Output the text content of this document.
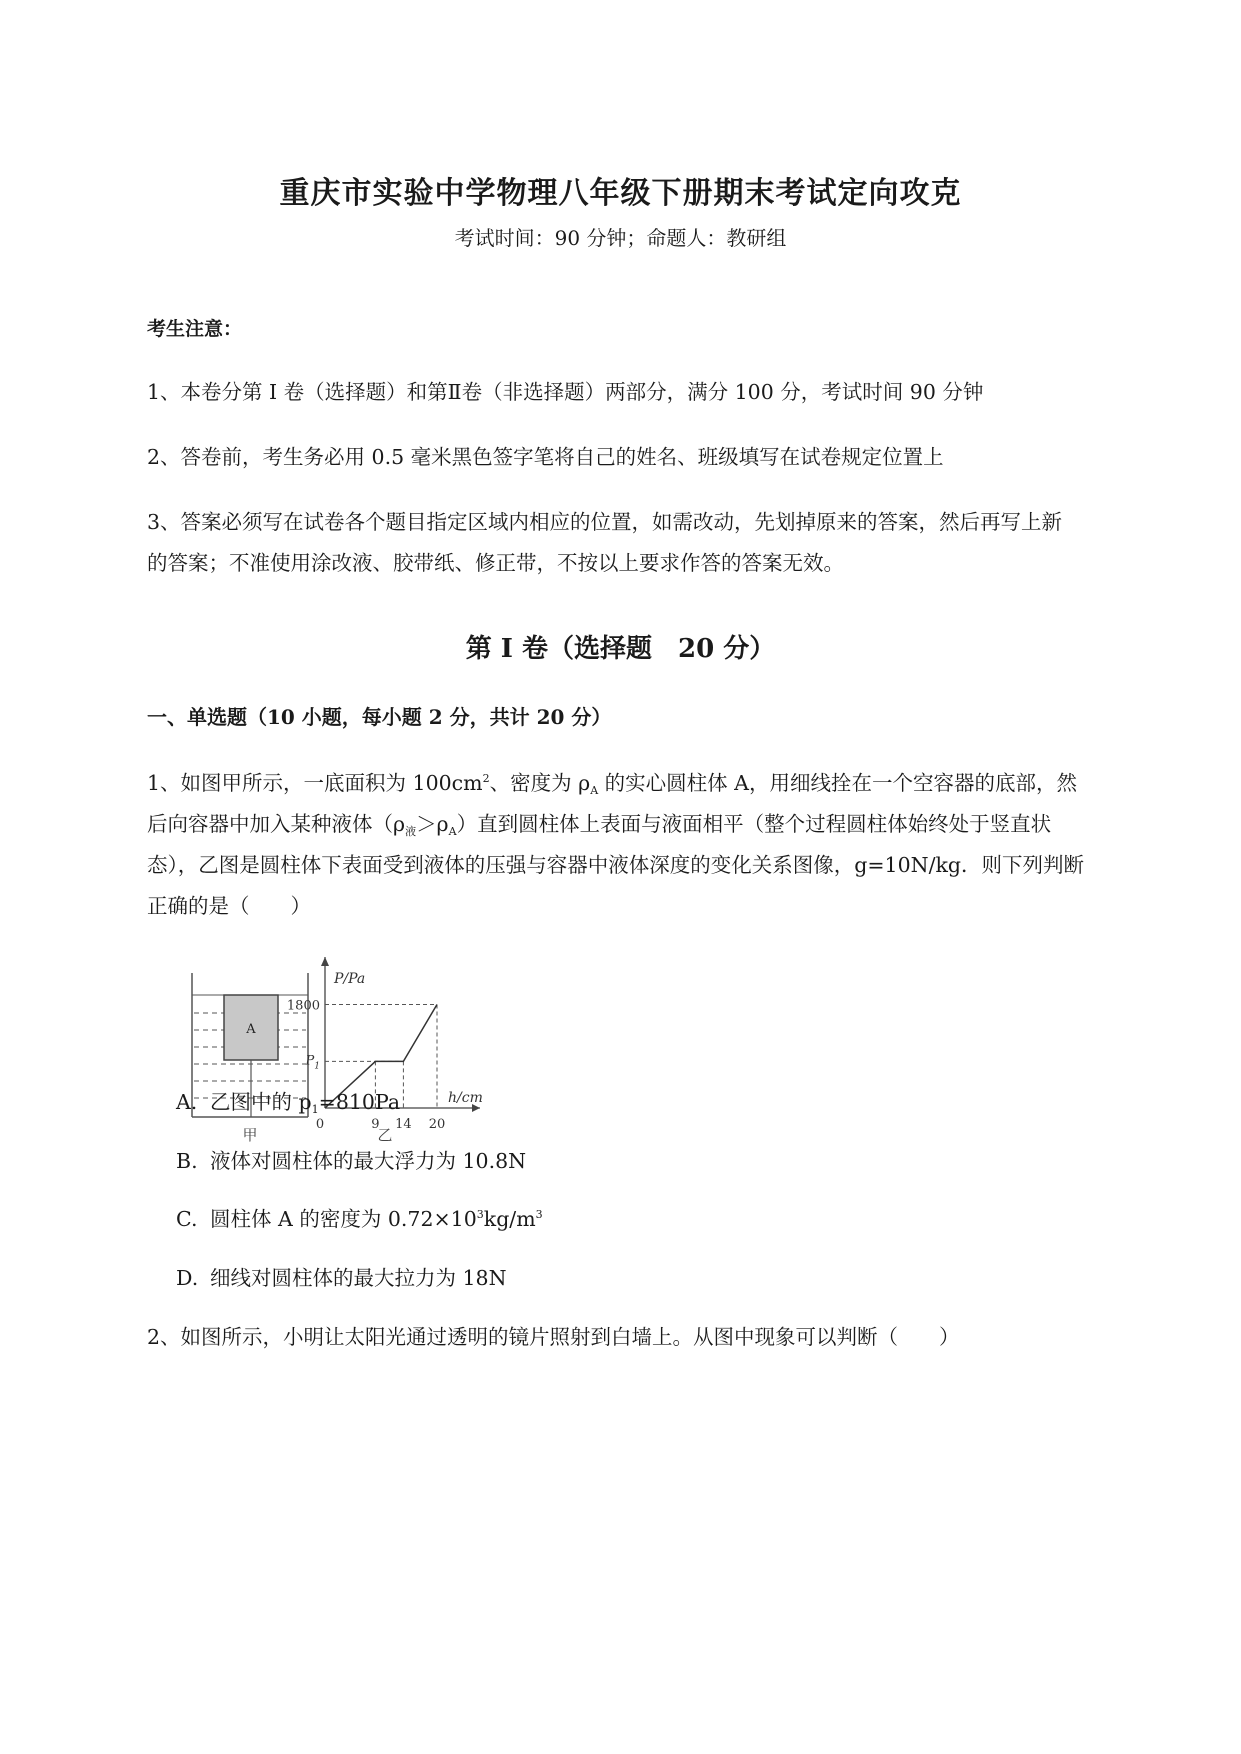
重庆市实验中学物理八年级下册期末考试定向攻克
考试时间：90 分钟；命题人：教研组
考生注意：
1、本卷分第 I 卷（选择题）和第Ⅱ卷（非选择题）两部分，满分 100 分，考试时间 90 分钟
2、答卷前，考生务必用 0.5 毫米黑色签字笔将自己的姓名、班级填写在试卷规定位置上
3、答案必须写在试卷各个题目指定区域内相应的位置，如需改动，先划掉原来的答案，然后再写上新
的答案；不准使用涂改液、胶带纸、修正带，不按以上要求作答的答案无效。
第 I 卷（选择题　20 分）
一、单选题（10 小题，每小题 2 分，共计 20 分）
1、如图甲所示，一底面积为 $100cm^2$、密度为 $\rho_A$ 的实心圆柱体 A，用细线拴在一个空容器的底部，然
后向容器中加入某种液体$(\rho_液>\rho_A)$直到圆柱体上表面与液面相平（整个过程圆柱体始终处于竖直状
态），乙图是圆柱体下表面受到液体的压强与容器中液体深度的变化关系图像，g=10N/kg．则下列判断
正确的是（　　）
A
甲
9 14 20
P/Pa
h/cm
0
1800
$P_1$
乙
A. 乙图中的 $p_1=810Pa$
B. 液体对圆柱体的最大浮力为 10.8N
C. 圆柱体 A 的密度为 $0.72\times 10^3kg/m^3$
D. 细线对圆柱体的最大拉力为 18N
2、如图所示，小明让太阳光通过透明的镜片照射到白墙上。从图中现象可以判断（　　）
